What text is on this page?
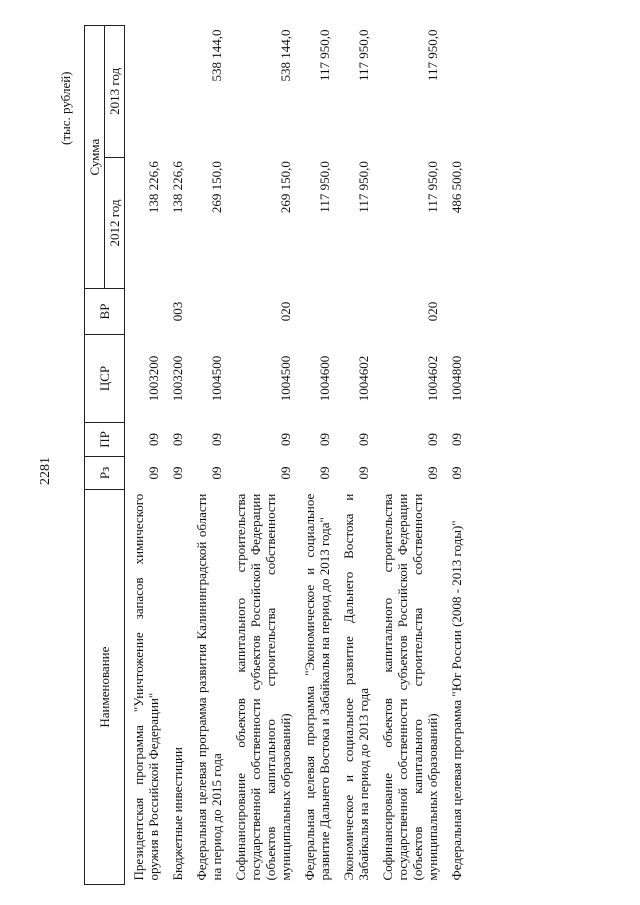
2281
(тыс. рублей)
Наименование	Рз	ПР	ЦСР	ВР	Сумма	
					2012 год	2013 год
Президентская программа "Уничтожение запасов химического оружия в Российской Федерации"	09	09	1003200		138 226,6	
Бюджетные инвестиции	09	09	1003200	003	138 226,6	
Федеральная целевая программа развития Калининградской области на период до 2015 года	09	09	1004500		269 150,0	538 144,0
Софинансирование объектов капитального строительства государственной собственности субъектов Российской Федерации (объектов капитального строительства собственности муниципальных образований)	09	09	1004500	020	269 150,0	538 144,0
Федеральная целевая программа "Экономическое и социальное развитие Дальнего Востока и Забайкалья на период до 2013 года"	09	09	1004600		117 950,0	117 950,0
Экономическое и социальное развитие Дальнего Востока и Забайкалья на период до 2013 года	09	09	1004602		117 950,0	117 950,0
Софинансирование объектов капитального строительства государственной собственности субъектов Российской Федерации (объектов капитального строительства собственности муниципальных образований)	09	09	1004602	020	117 950,0	117 950,0
Федеральная целевая программа "Юг России (2008 - 2013 годы)"	09	09	1004800		486 500,0	
